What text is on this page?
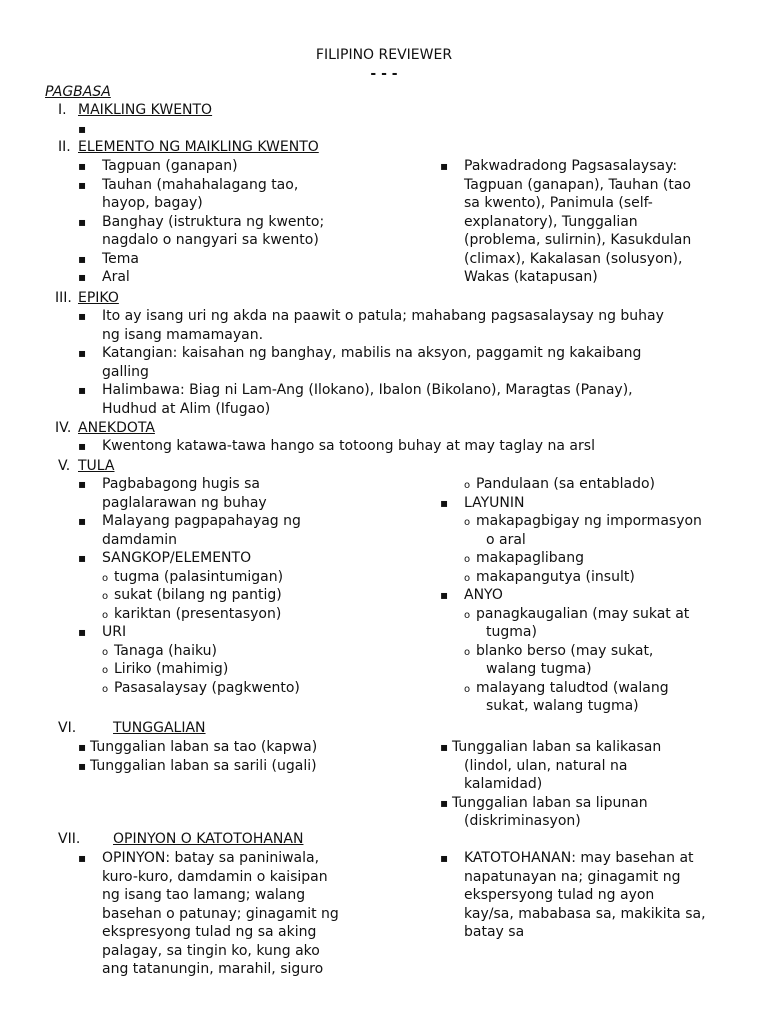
FILIPINO REVIEWER
- - -
PAGBASA
I. MAIKLING KWENTO
▪
II. ELEMENTO NG MAIKLING KWENTO
▪ Tagpuan (ganapan)
▪ Tauhan (mahahalagang tao,
hayop, bagay)
▪ Banghay (istruktura ng kwento;
nagdalo o nangyari sa kwento)
▪ Tema
▪ Aral
▪ Pakwadradong Pagsasalaysay:
Tagpuan (ganapan), Tauhan (tao
sa kwento), Panimula (self-
explanatory), Tunggalian
(problema, sulirnin), Kasukdulan
(climax), Kakalasan (solusyon),
Wakas (katapusan)
III. EPIKO
▪ Ito ay isang uri ng akda na paawit o patula; mahabang pagsasalaysay ng buhay
ng isang mamamayan.
▪ Katangian: kaisahan ng banghay, mabilis na aksyon, paggamit ng kakaibang
galling
▪ Halimbawa: Biag ni Lam-Ang (Ilokano), Ibalon (Bikolano), Maragtas (Panay),
Hudhud at Alim (Ifugao)
IV. ANEKDOTA
▪ Kwentong katawa-tawa hango sa totoong buhay at may taglay na arsl
V. TULA
▪ Pagbabagong hugis sa
paglalarawan ng buhay
▪ Malayang pagpapahayag ng
damdamin
▪ SANGKOP/ELEMENTO
o tugma (palasintumigan)
o sukat (bilang ng pantig)
o kariktan (presentasyon)
▪ URI
o Tanaga (haiku)
o Liriko (mahimig)
o Pasasalaysay (pagkwento)
o Pandulaan (sa entablado)
▪ LAYUNIN
o makapagbigay ng impormasyon
o aral
o makapaglibang
o makapangutya (insult)
▪ ANYO
o panagkaugalian (may sukat at
tugma)
o blanko berso (may sukat,
walang tugma)
o malayang taludtod (walang
sukat, walang tugma)
VI.	TUNGGALIAN
▪ Tunggalian laban sa tao (kapwa)
▪ Tunggalian laban sa sarili (ugali)
▪ Tunggalian laban sa kalikasan
(lindol, ulan, natural na
kalamidad)
▪ Tunggalian laban sa lipunan
(diskriminasyon)
VII. OPINYON O KATOTOHANAN
▪ OPINYON: batay sa paniniwala,
kuro-kuro, damdamin o kaisipan
ng isang tao lamang; walang
basehan o patunay; ginagamit ng
ekspresyong tulad ng sa aking
palagay, sa tingin ko, kung ako
ang tatanungin, marahil, siguro
▪ KATOTOHANAN: may basehan at
napatunayan na; ginagamit ng
ekspersyong tulad ng ayon
kay/sa, mababasa sa, makikita sa,
batay sa
